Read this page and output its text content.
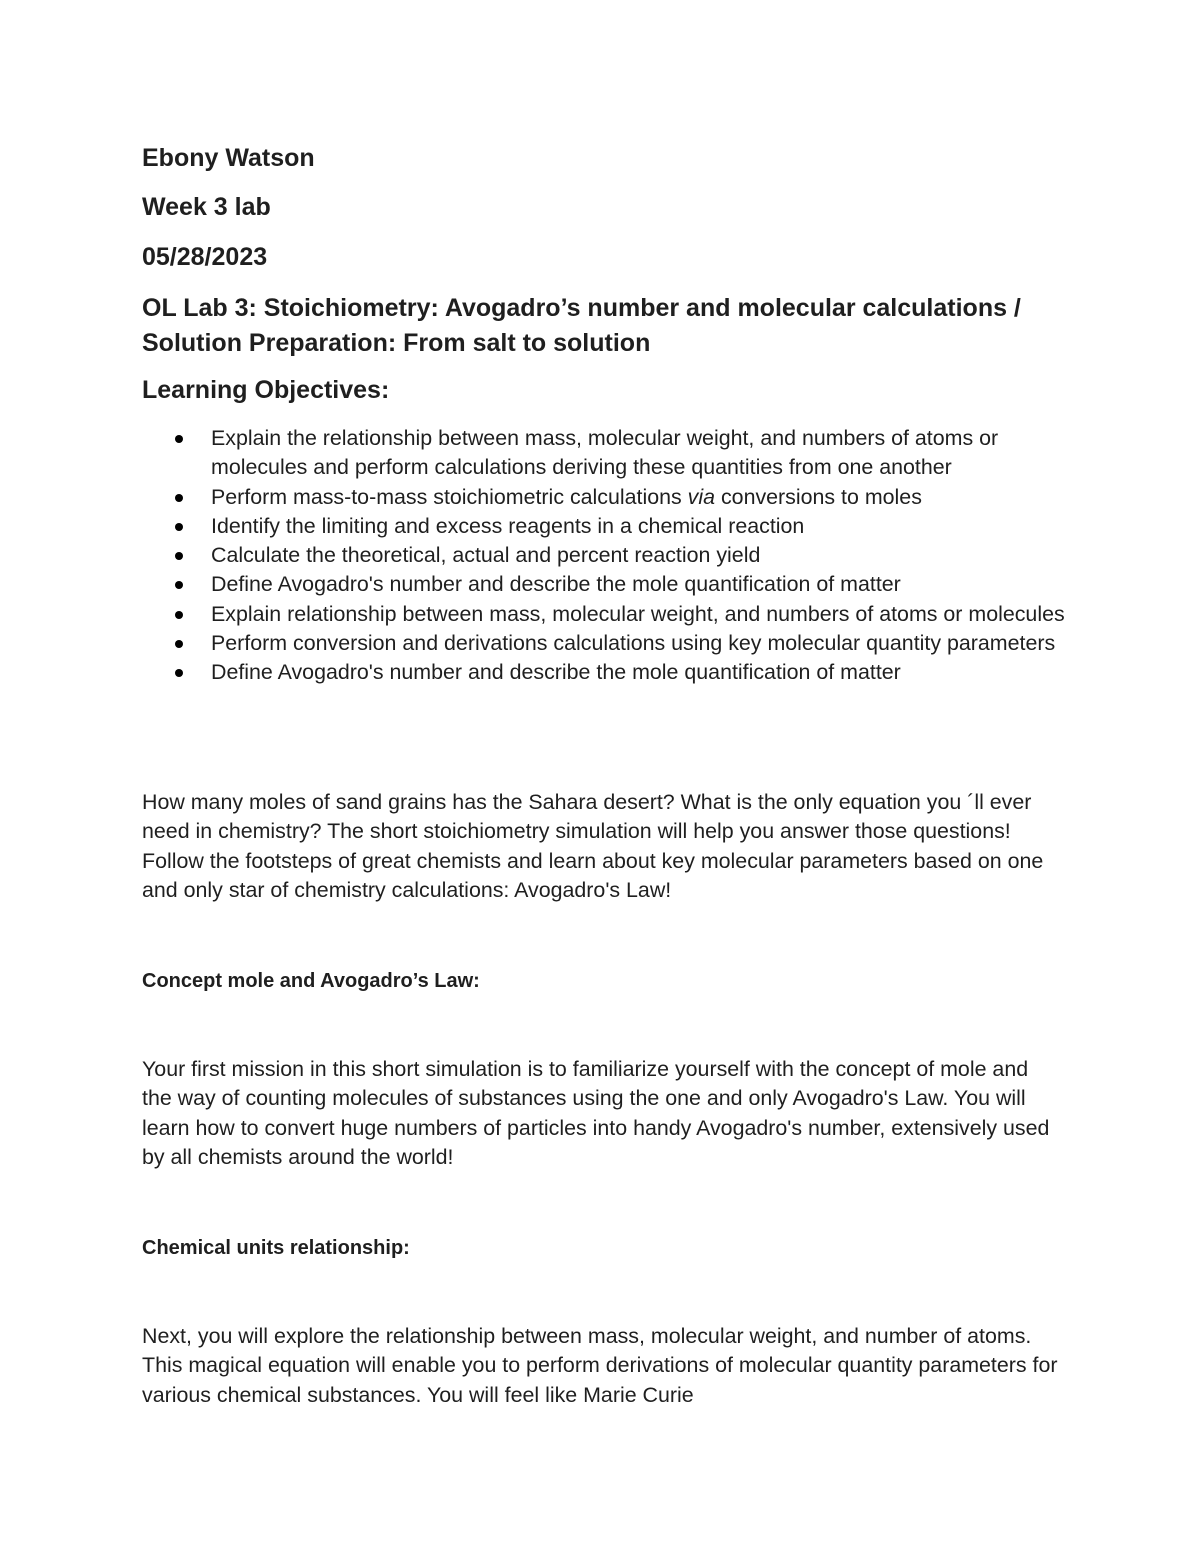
Ebony Watson

Week 3 lab

05/28/2023

OL Lab 3: Stoichiometry: Avogadro’s number and molecular calculations / Solution Preparation: From salt to solution
Learning Objectives:
Explain the relationship between mass, molecular weight, and numbers of atoms or molecules and perform calculations deriving these quantities from one another
Perform mass-to-mass stoichiometric calculations via conversions to moles
Identify the limiting and excess reagents in a chemical reaction
Calculate the theoretical, actual and percent reaction yield
Define Avogadro's number and describe the mole quantification of matter
Explain relationship between mass, molecular weight, and numbers of atoms or molecules
Perform conversion and derivations calculations using key molecular quantity parameters
Define Avogadro's number and describe the mole quantification of matter

How many moles of sand grains has the Sahara desert? What is the only equation you ´ll ever need in chemistry? The short stoichiometry simulation will help you answer those questions! Follow the footsteps of great chemists and learn about key molecular parameters based on one and only star of chemistry calculations: Avogadro's Law!

Concept mole and Avogadro’s Law:

Your first mission in this short simulation is to familiarize yourself with the concept of mole and the way of counting molecules of substances using the one and only Avogadro's Law. You will learn how to convert huge numbers of particles into handy Avogadro's number, extensively used by all chemists around the world!

Chemical units relationship:

Next, you will explore the relationship between mass, molecular weight, and number of atoms. This magical equation will enable you to perform derivations of molecular quantity parameters for various chemical substances. You will feel like Marie Curie
